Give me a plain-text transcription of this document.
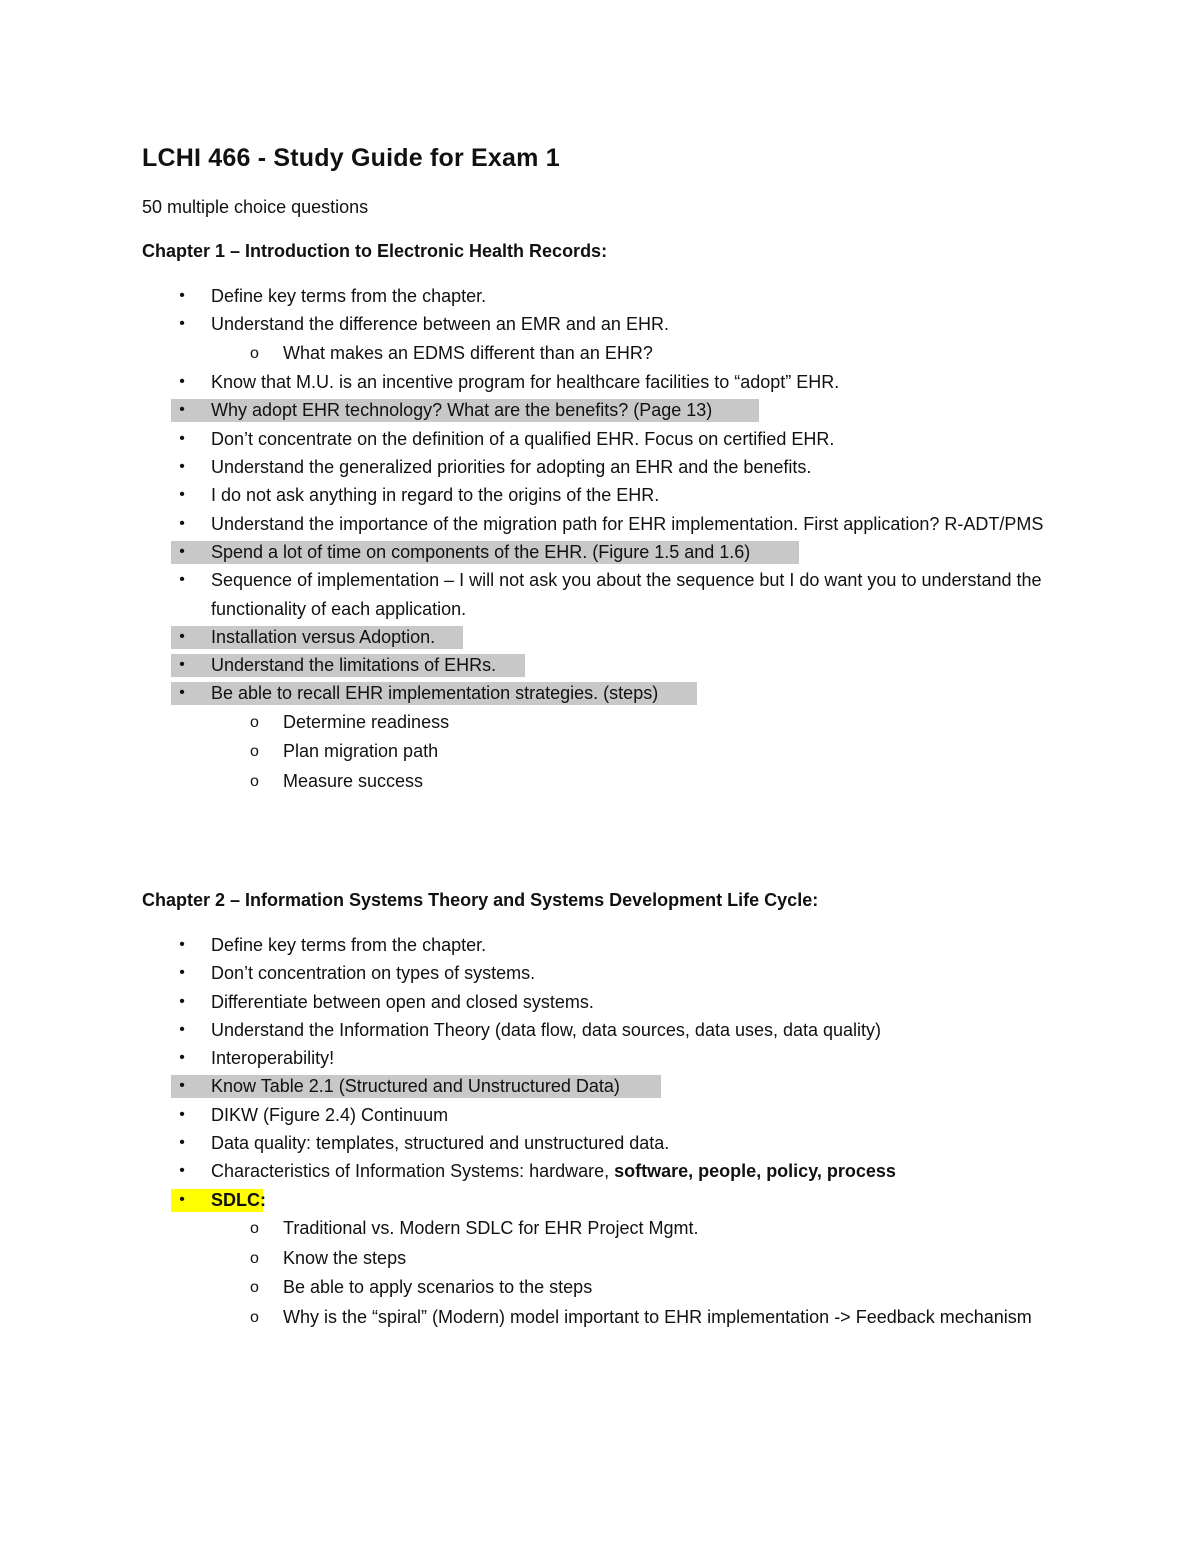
LCHI 466 - Study Guide for Exam 1

50 multiple choice questions

Chapter 1 – Introduction to Electronic Health Records:

• Define key terms from the chapter.
• Understand the difference between an EMR and an EHR.
o What makes an EDMS different than an EHR?
• Know that M.U. is an incentive program for healthcare facilities to “adopt” EHR.
• Why adopt EHR technology? What are the benefits? (Page 13)
• Don’t concentrate on the definition of a qualified EHR. Focus on certified EHR.
• Understand the generalized priorities for adopting an EHR and the benefits.
• I do not ask anything in regard to the origins of the EHR.
• Understand the importance of the migration path for EHR implementation. First application? R-ADT/PMS
• Spend a lot of time on components of the EHR. (Figure 1.5 and 1.6)
• Sequence of implementation – I will not ask you about the sequence but I do want you to understand the functionality of each application.
• Installation versus Adoption.
• Understand the limitations of EHRs.
• Be able to recall EHR implementation strategies. (steps)
o Determine readiness
o Plan migration path
o Measure success

Chapter 2 – Information Systems Theory and Systems Development Life Cycle:

• Define key terms from the chapter.
• Don’t concentration on types of systems.
• Differentiate between open and closed systems.
• Understand the Information Theory (data flow, data sources, data uses, data quality)
• Interoperability!
• Know Table 2.1 (Structured and Unstructured Data)
• DIKW (Figure 2.4) Continuum
• Data quality: templates, structured and unstructured data.
• Characteristics of Information Systems: hardware, software, people, policy, process
• SDLC:
o Traditional vs. Modern SDLC for EHR Project Mgmt.
o Know the steps
o Be able to apply scenarios to the steps
o Why is the “spiral” (Modern) model important to EHR implementation -> Feedback mechanism
